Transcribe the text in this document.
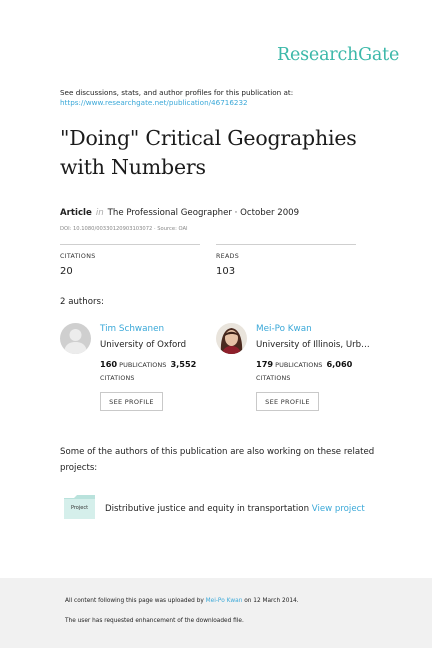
ResearchGate
See discussions, stats, and author profiles for this publication at:
https://www.researchgate.net/publication/46716232
"Doing" Critical Geographies with Numbers
Article in The Professional Geographer · October 2009
DOI: 10.1080/00330120903103072 · Source: OAI
CITATIONS
20
READS
103
2 authors:
Tim Schwanen
University of Oxford
160 PUBLICATIONS 3,552
CITATIONS
SEE PROFILE
Mei-Po Kwan
University of Illinois, Urb…
179 PUBLICATIONS 6,060
CITATIONS
SEE PROFILE
Some of the authors of this publication are also working on these related projects:
Project	Distributive justice and equity in transportation View project
All content following this page was uploaded by Mei-Po Kwan on 12 March 2014.
The user has requested enhancement of the downloaded file.
